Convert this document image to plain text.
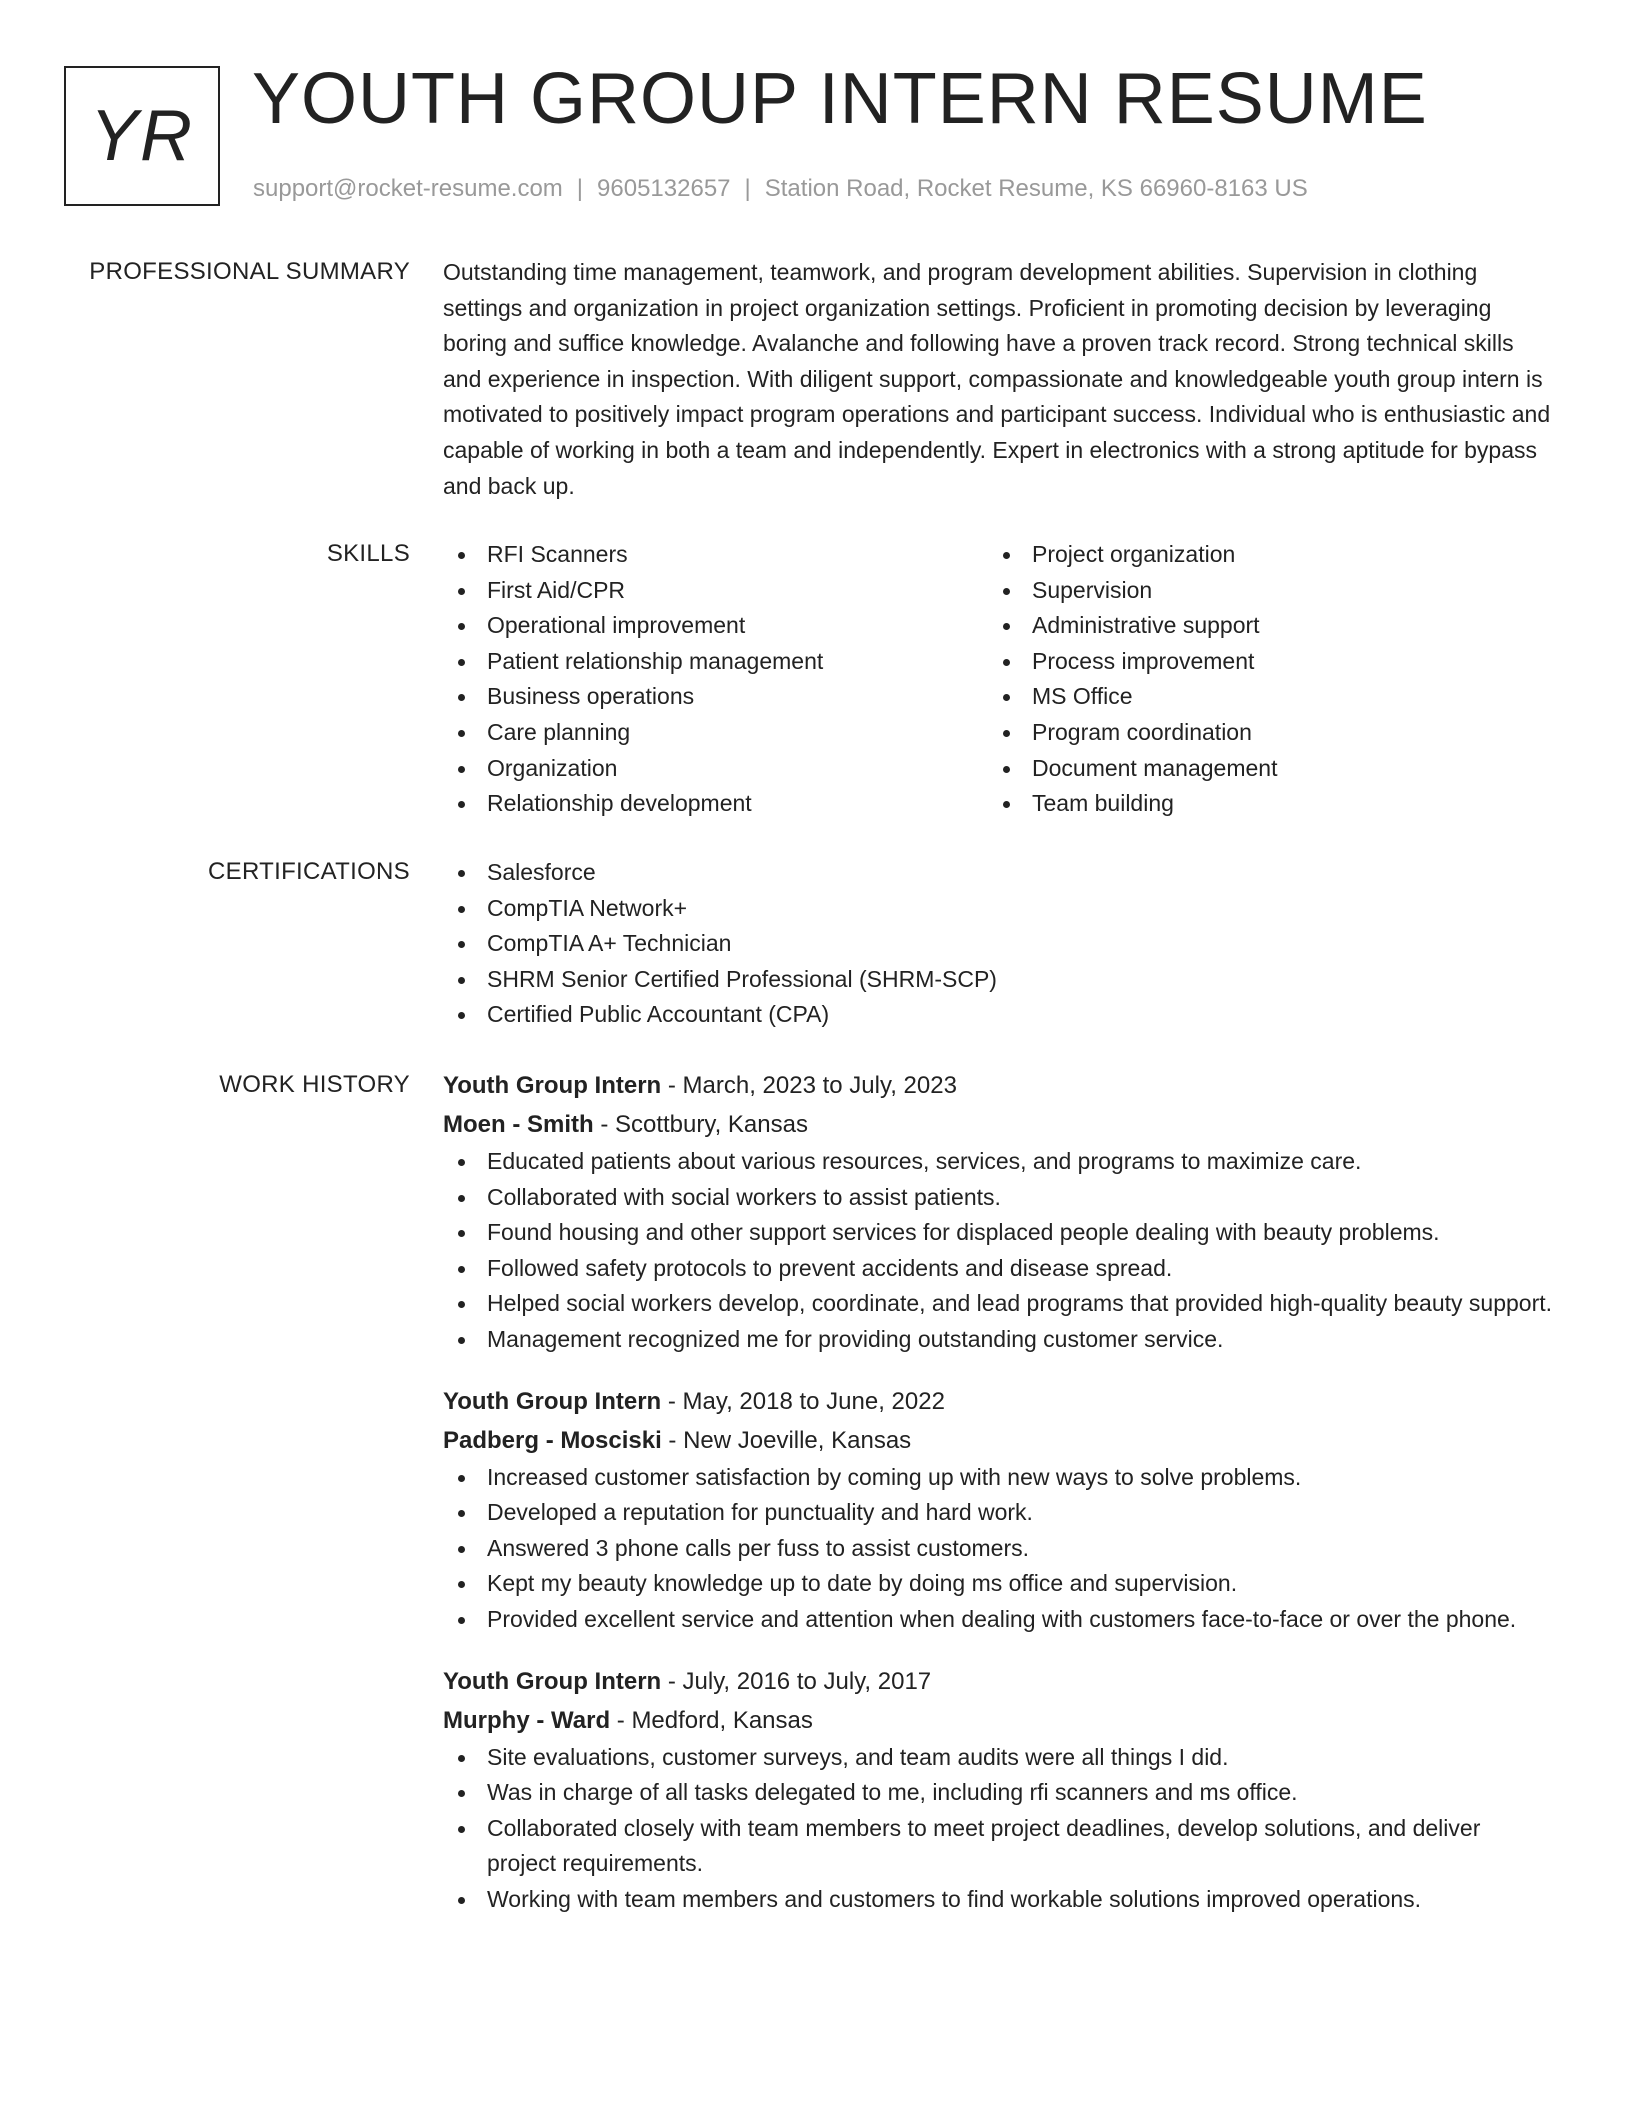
YR YOUTH GROUP INTERN RESUME
support@rocket-resume.com | 9605132657 | Station Road, Rocket Resume, KS 66960-8163 US
PROFESSIONAL SUMMARY Outstanding time management, teamwork, and program development abilities. Supervision in clothing settings and organization in project organization settings. Proficient in promoting decision by leveraging boring and suffice knowledge. Avalanche and following have a proven track record. Strong technical skills and experience in inspection. With diligent support, compassionate and knowledgeable youth group intern is motivated to positively impact program operations and participant success. Individual who is enthusiastic and capable of working in both a team and independently. Expert in electronics with a strong aptitude for bypass and back up.

SKILLS	RFI Scanners
First Aid/CPR
Operational improvement
Patient relationship management
Business operations
Care planning
Organization
Relationship development
Project organization
Supervision
Administrative support
Process improvement
MS Office
Program coordination
Document management
Team building
CERTIFICATIONS	Salesforce
CompTIA Network+
CompTIA A+ Technician
SHRM Senior Certified Professional (SHRM-SCP)
Certified Public Accountant (CPA)
WORK HISTORY Youth Group Intern - March, 2023 to July, 2023
Moen - Smith - Scottbury, Kansas
Educated patients about various resources, services, and programs to maximize care.
Collaborated with social workers to assist patients.
Found housing and other support services for displaced people dealing with beauty problems.
Followed safety protocols to prevent accidents and disease spread.
Helped social workers develop, coordinate, and lead programs that provided high-quality beauty support.
Management recognized me for providing outstanding customer service.
Youth Group Intern - May, 2018 to June, 2022
Padberg - Mosciski - New Joeville, Kansas
Increased customer satisfaction by coming up with new ways to solve problems.
Developed a reputation for punctuality and hard work.
Answered 3 phone calls per fuss to assist customers.
Kept my beauty knowledge up to date by doing ms office and supervision.
Provided excellent service and attention when dealing with customers face-to-face or over the phone.
Youth Group Intern - July, 2016 to July, 2017
Murphy - Ward - Medford, Kansas
Site evaluations, customer surveys, and team audits were all things I did.
Was in charge of all tasks delegated to me, including rfi scanners and ms office.
Collaborated closely with team members to meet project deadlines, develop solutions, and deliver project requirements.
Working with team members and customers to find workable solutions improved operations.
